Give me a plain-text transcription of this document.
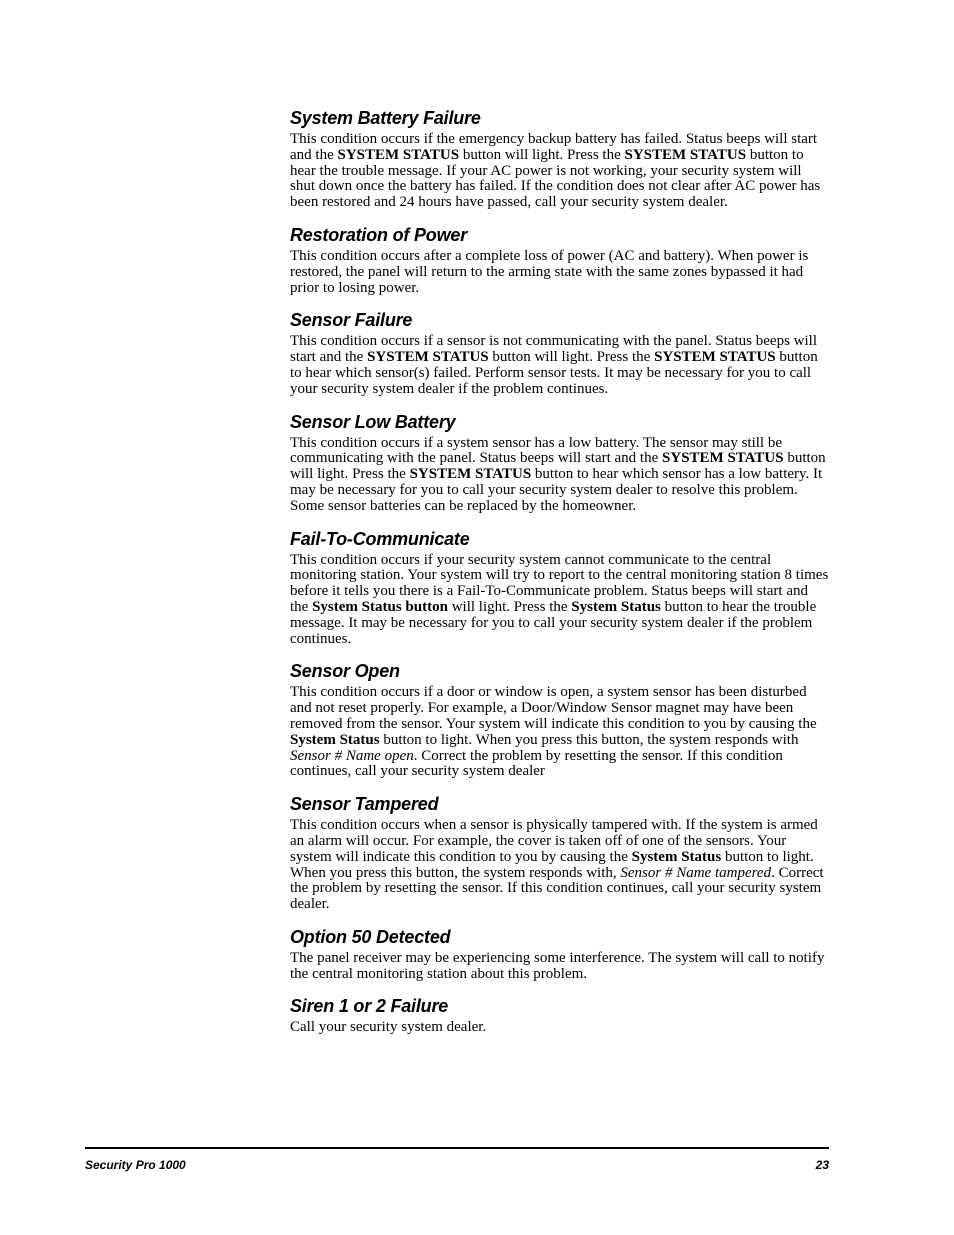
System Battery Failure

This condition occurs if the emergency backup battery has failed. Status beeps will start and the SYSTEM STATUS button will light. Press the SYSTEM STATUS button to hear the trouble message. If your AC power is not working, your security system will shut down once the battery has failed. If the condition does not clear after AC power has been restored and 24 hours have passed, call your security system dealer.

Restoration of Power

This condition occurs after a complete loss of power (AC and battery). When power is restored, the panel will return to the arming state with the same zones bypassed it had prior to losing power.

Sensor Failure

This condition occurs if a sensor is not communicating with the panel. Status beeps will start and the SYSTEM STATUS button will light. Press the SYSTEM STATUS button to hear which sensor(s) failed. Perform sensor tests. It may be necessary for you to call your security system dealer if the problem continues.

Sensor Low Battery

This condition occurs if a system sensor has a low battery. The sensor may still be communicating with the panel. Status beeps will start and the SYSTEM STATUS button will light. Press the SYSTEM STATUS button to hear which sensor has a low battery. It may be necessary for you to call your security system dealer to resolve this problem. Some sensor batteries can be replaced by the homeowner.

Fail-To-Communicate

This condition occurs if your security system cannot communicate to the central monitoring station. Your system will try to report to the central monitoring station 8 times before it tells you there is a Fail-To-Communicate problem. Status beeps will start and the System Status button will light. Press the System Status button to hear the trouble message. It may be necessary for you to call your security system dealer if the problem continues.

Sensor Open

This condition occurs if a door or window is open, a system sensor has been disturbed and not reset properly. For example, a Door/Window Sensor magnet may have been removed from the sensor. Your system will indicate this condition to you by causing the System Status button to light. When you press this button, the system responds with Sensor # Name open. Correct the problem by resetting the sensor. If this condition continues, call your security system dealer

Sensor Tampered

This condition occurs when a sensor is physically tampered with. If the system is armed an alarm will occur. For example, the cover is taken off of one of the sensors. Your system will indicate this condition to you by causing the System Status button to light. When you press this button, the system responds with, Sensor # Name tampered. Correct the problem by resetting the sensor. If this condition continues, call your security system dealer.

Option 50 Detected

The panel receiver may be experiencing some interference. The system will call to notify the central monitoring station about this problem.

Siren 1 or 2 Failure

Call your security system dealer.

Security Pro 1000	23
